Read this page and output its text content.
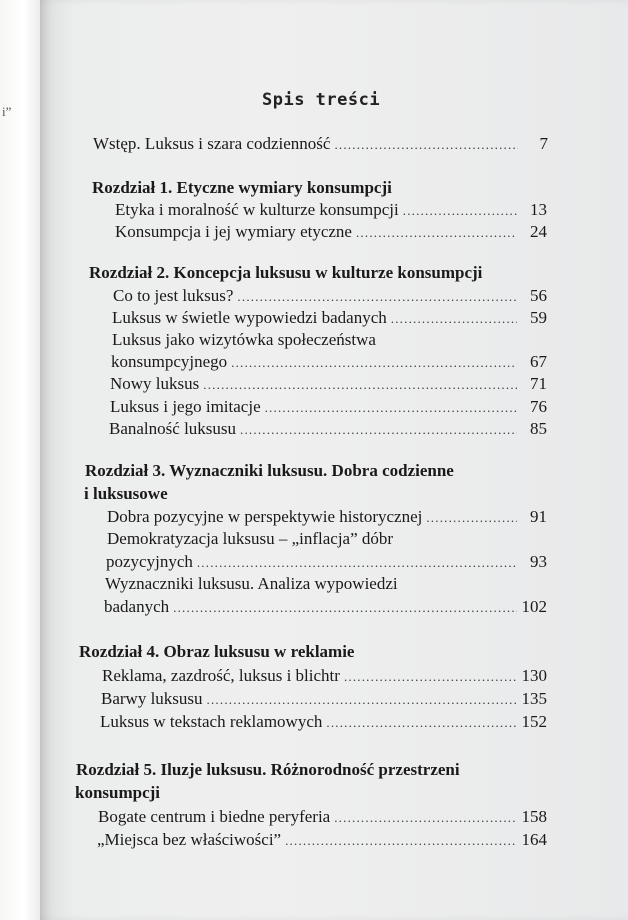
i”
Spis treści
Wstęp. Luksus i szara codzienność .....	7
Rozdział 1. Etyczne wymiary konsumpcji
Etyka i moralność w kulturze konsumpcji .....	13
Konsumpcja i jej wymiary etyczne .....	24
Rozdział 2. Koncepcja luksusu w kulturze konsumpcji
Co to jest luksus? .....	56
Luksus w świetle wypowiedzi badanych .....	59
Luksus jako wizytówka społeczeństwa
konsumpcyjnego .....	67
Nowy luksus .....	71
Luksus i jego imitacje .....	76
Banalność luksusu .....	85
Rozdział 3. Wyznaczniki luksusu. Dobra codzienne
i luksusowe
Dobra pozycyjne w perspektywie historycznej .....	91
Demokratyzacja luksusu – „inflacja” dóbr
pozycyjnych .....	93
Wyznaczniki luksusu. Analiza wypowiedzi
badanych .....	102
Rozdział 4. Obraz luksusu w reklamie
Reklama, zazdrość, luksus i blichtr .....	130
Barwy luksusu .....	135
Luksus w tekstach reklamowych .....	152
Rozdział 5. Iluzje luksusu. Różnorodność przestrzeni
konsumpcji
Bogate centrum i biedne peryferia .....	158
„Miejsca bez właściwości” .....	164
